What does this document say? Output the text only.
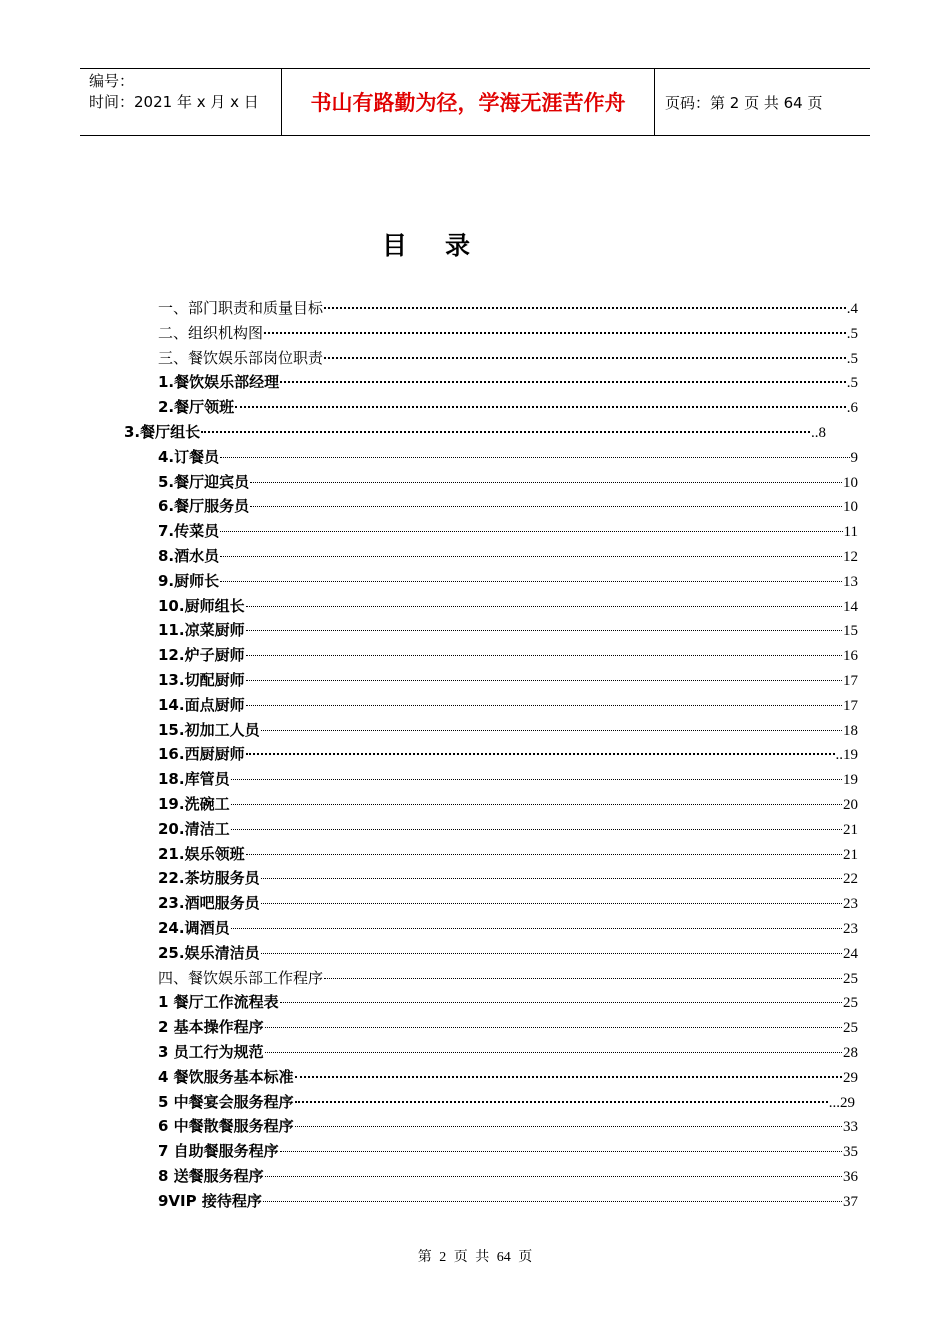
编号：
时间：2021 年 x 月 x 日	书山有路勤为径，学海无涯苦作舟	页码：第 2 页 共 64 页
目录
一、部门职责和质量目标	.4
二、组织机构图	.5
三、餐饮娱乐部岗位职责	.5
1.餐饮娱乐部经理	.5
2.餐厅领班	.6
3.餐厅组长	..8
4.订餐员	9
5.餐厅迎宾员	10
6.餐厅服务员	10
7.传菜员	11
8.酒水员	12
9.厨师长	13
10.厨师组长	14
11.凉菜厨师	15
12.炉子厨师	16
13.切配厨师	17
14.面点厨师	17
15.初加工人员	18
16.西厨厨师	..19
18.库管员	19
19.洗碗工	20
20.清洁工	21
21.娱乐领班	21
22.茶坊服务员	22
23.酒吧服务员	23
24.调酒员	23
25.娱乐清洁员	24
四、餐饮娱乐部工作程序	25
1 餐厅工作流程表	25
2 基本操作程序	25
3 员工行为规范	28
4 餐饮服务基本标准	29
5 中餐宴会服务程序	...29
6 中餐散餐服务程序	33
7 自助餐服务程序	35
8 送餐服务程序	36
9VIP 接待程序	37
第 2 页 共 64 页
